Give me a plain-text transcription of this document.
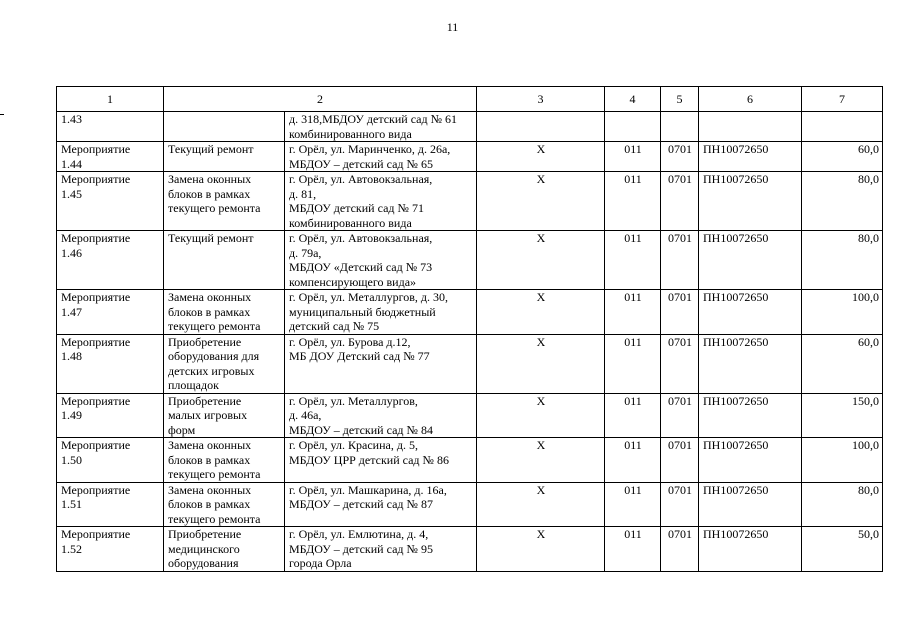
11
1	2		3	4	5	6	7

1.43		д. 318,МБДОУ детский сад № 61
комбинированного вида					

Мероприятие
1.44	Текущий ремонт	г. Орёл, ул. Маринченко, д. 26а,
МБДОУ – детский сад № 65	Х	011	0701	ПН10072650	60,0

Мероприятие
1.45	Замена оконных
блоков в рамках
текущего ремонта	г. Орёл, ул. Автовокзальная,
д. 81,
МБДОУ детский сад № 71
комбинированного вида	Х	011	0701	ПН10072650	80,0

Мероприятие
1.46	Текущий ремонт	г. Орёл, ул. Автовокзальная,
д. 79а,
МБДОУ «Детский сад № 73
компенсирующего вида»	Х	011	0701	ПН10072650	80,0

Мероприятие
1.47	Замена оконных
блоков в рамках
текущего ремонта	г. Орёл, ул. Металлургов, д. 30,
муниципальный бюджетный
детский сад № 75	Х	011	0701	ПН10072650	100,0

Мероприятие
1.48	Приобретение
оборудования для
детских игровых
площадок	г. Орёл, ул. Бурова д.12,
МБ ДОУ Детский сад № 77	Х	011	0701	ПН10072650	60,0

Мероприятие
1.49	Приобретение
малых игровых
форм	г. Орёл, ул. Металлургов,
д. 46а,
МБДОУ – детский сад № 84	Х	011	0701	ПН10072650	150,0

Мероприятие
1.50	Замена оконных
блоков в рамках
текущего ремонта	г. Орёл, ул. Красина, д. 5,
МБДОУ ЦРР детский сад № 86	Х	011	0701	ПН10072650	100,0

Мероприятие
1.51	Замена оконных
блоков в рамках
текущего ремонта	г. Орёл, ул. Машкарина, д. 16а,
МБДОУ – детский сад № 87	Х	011	0701	ПН10072650	80,0

Мероприятие
1.52	Приобретение
медицинского
оборудования	г. Орёл, ул. Емлютина, д. 4,
МБДОУ – детский сад № 95
города Орла	Х	011	0701	ПН10072650	50,0
